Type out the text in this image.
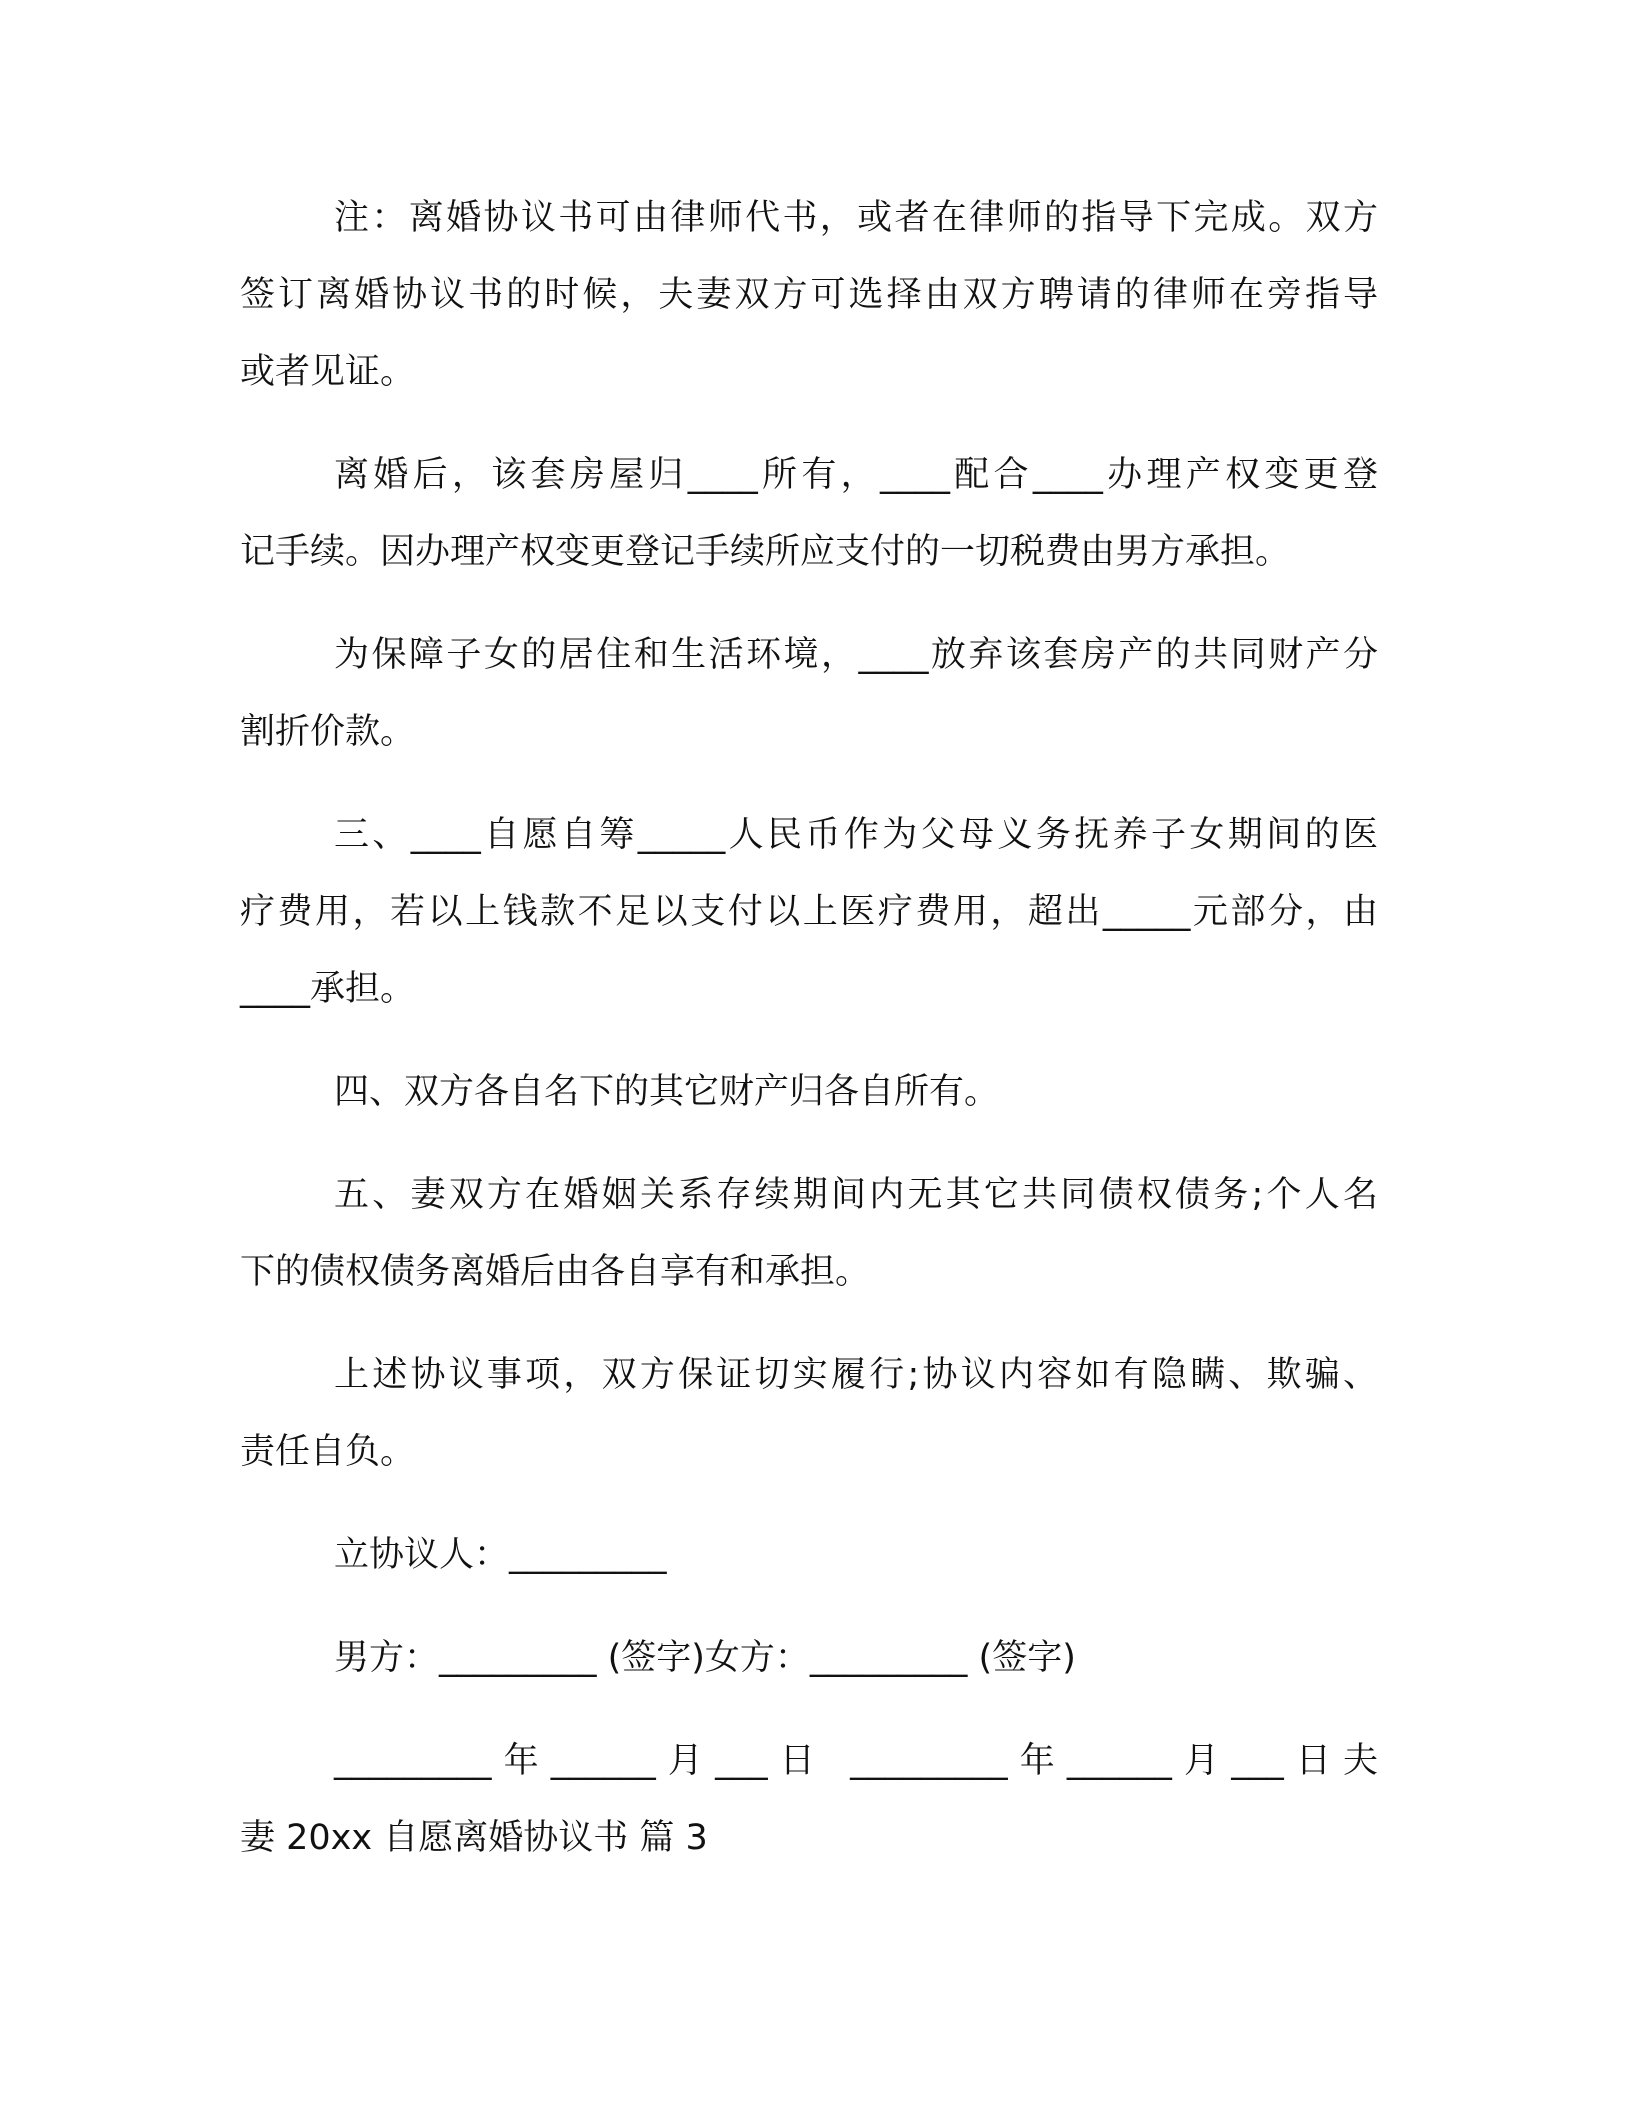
注：离婚协议书可由律师代书，或者在律师的指导下完成。双方
签订离婚协议书的时候，夫妻双方可选择由双方聘请的律师在旁指导
或者见证。
离婚后，该套房屋归____所有，____配合____办理产权变更登
记手续。因办理产权变更登记手续所应支付的一切税费由男方承担。
为保障子女的居住和生活环境，____放弃该套房产的共同财产分
割折价款。
三、____自愿自筹_____人民币作为父母义务抚养子女期间的医
疗费用，若以上钱款不足以支付以上医疗费用，超出_____元部分，由
____承担。
四、双方各自名下的其它财产归各自所有。
五、妻双方在婚姻关系存续期间内无其它共同债权债务;个人名
下的债权债务离婚后由各自享有和承担。
上述协议事项，双方保证切实履行;协议内容如有隐瞒、欺骗、
责任自负。
立协议人：_________
男方：_________ (签字)女方：_________ (签字)
_________年______月___日 _________年______月___日夫
妻 20xx 自愿离婚协议书 篇 3
